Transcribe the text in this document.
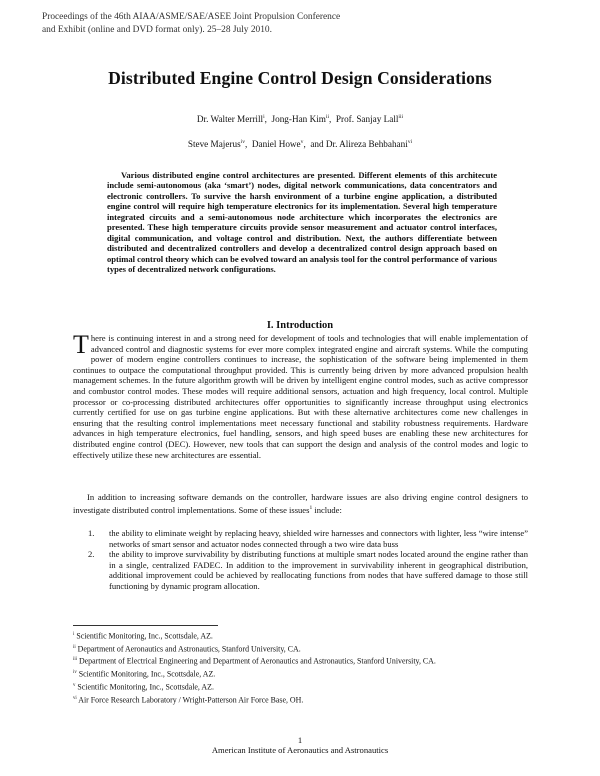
Proceedings of the 46th AIAA/ASME/SAE/ASEE Joint Propulsion Conference
and Exhibit (online and DVD format only). 25–28 July 2010.
Distributed Engine Control Design Considerations
Dr. Walter Merrill$^i$, Jong-Han Kim$^{ii}$, Prof. Sanjay Lall$^{iii}$
Steve Majerus$^{iv}$, Daniel Howe$^v$, and Dr. Alireza Behbahani$^{vi}$
Various distributed engine control architectures are presented. Different elements of this architecute include semi-autonomous (aka ‘smart’) nodes, digital network communications, data concentrators and electronic controllers. To survive the harsh environment of a turbine engine application, a distributed engine control will require high temperature electronics for its implementation. Several high temperature integrated circuits and a semi-autonomous node architecture which incorporates the electronics are presented. These high temperature circuits provide sensor measurement and actuator control interfaces, digital communication, and voltage control and distribution. Next, the authors differentiate between distributed and decentralized controllers and develop a decentralized control design approach based on optimal control theory which can be evolved toward an analysis tool for the control performance of various types of decentralized network configurations.
I. Introduction
There is continuing interest in and a strong need for development of tools and technologies that will enable implementation of advanced control and diagnostic systems for ever more complex integrated engine and aircraft systems. While the computing power of modern engine controllers continues to increase, the sophistication of the software being implemented in them continues to outpace the computational throughput provided. This is currently being driven by more advanced propulsion health management schemes. In the future algorithm growth will be driven by intelligent engine control modes, such as active compressor and combustor control modes. These modes will require additional sensors, actuation and high frequency, local control. Multiple processor or co-processing distributed architectures offer opportunities to significantly increase throughput using electronics currently certified for use on gas turbine engine applications. But with these alternative architectures come new challenges in ensuring that the resulting control implementations meet necessary functional and stability robustness requirements. Hardware advances in high temperature electronics, fuel handling, sensors, and high speed buses are enabling these new architectures for distributed engine control (DEC). However, new tools that can support the design and analysis of the control modes and logic to effectively utilize these new architectures are essential.
In addition to increasing software demands on the controller, hardware issues are also driving engine control designers to investigate distributed control implementations. Some of these issues$^1$ include:
1. the ability to eliminate weight by replacing heavy, shielded wire harnesses and connectors with lighter, less “wire intense” networks of smart sensor and actuator nodes connected through a two wire data buss
2. the ability to improve survivability by distributing functions at multiple smart nodes located around the engine rather than in a single, centralized FADEC. In addition to the improvement in survivability inherent in geographical distribution, additional improvement could be achieved by reallocating functions from nodes that have suffered damage to those still functioning by dynamic program allocation.
$^i$ Scientific Monitoring, Inc., Scottsdale, AZ.
$^{ii}$ Department of Aeronautics and Astronautics, Stanford University, CA.
$^{iii}$ Department of Electrical Engineering and Department of Aeronautics and Astronautics, Stanford University, CA.
$^{iv}$ Scientific Monitoring, Inc., Scottsdale, AZ.
$^v$ Scientific Monitoring, Inc., Scottsdale, AZ.
$^{vi}$ Air Force Research Laboratory / Wright-Patterson Air Force Base, OH.
1
American Institute of Aeronautics and Astronautics
